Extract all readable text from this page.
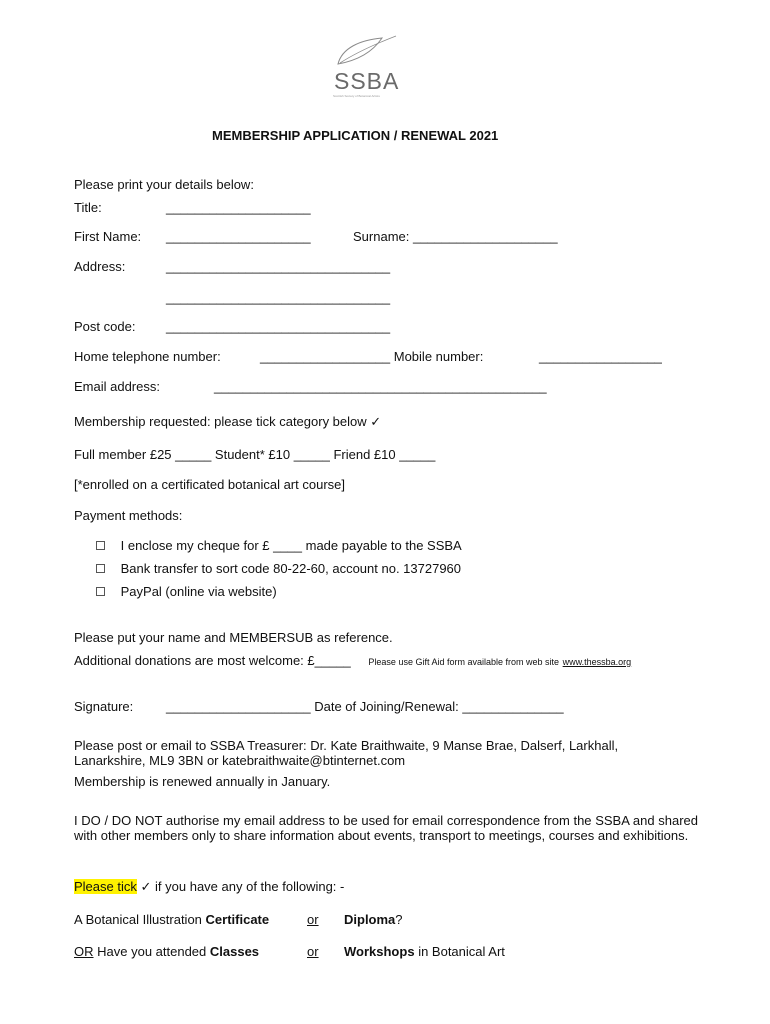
SSBA
Scottish Society of Botanical Artists
MEMBERSHIP APPLICATION / RENEWAL 2021
Please print your details below:
Title:	____________________
First Name: ____________________	Surname: ____________________
Address:	_______________________________
_______________________________
Post code: _______________________________
Home telephone number:	__________________ Mobile number:	_________________
Email address:	______________________________________________
Membership requested: please tick category below ✓
Full member £25 _____ Student* £10 _____ Friend £10 _____
[*enrolled on a certificated botanical art course]
Payment methods:
I enclose my cheque for £ ____ made payable to the SSBA
Bank transfer to sort code 80-22-60, account no. 13727960
PayPal (online via website)
Please put your name and MEMBERSUB as reference.
Additional donations are most welcome: £_____ Please use Gift Aid form available from web site www.thessba.org
Signature:	____________________ Date of Joining/Renewal: ______________
Please post or email to SSBA Treasurer: Dr. Kate Braithwaite, 9 Manse Brae, Dalserf, Larkhall,
Lanarkshire, ML9 3BN or katebraithwaite@btinternet.com
Membership is renewed annually in January.
I DO / DO NOT authorise my email address to be used for email correspondence from the SSBA and shared with other members only to share information about events, transport to meetings, courses and exhibitions.
Please tick ✓ if you have any of the following: -
A Botanical Illustration Certificate	or Diploma?
OR Have you attended Classes	or Workshops in Botanical Art
